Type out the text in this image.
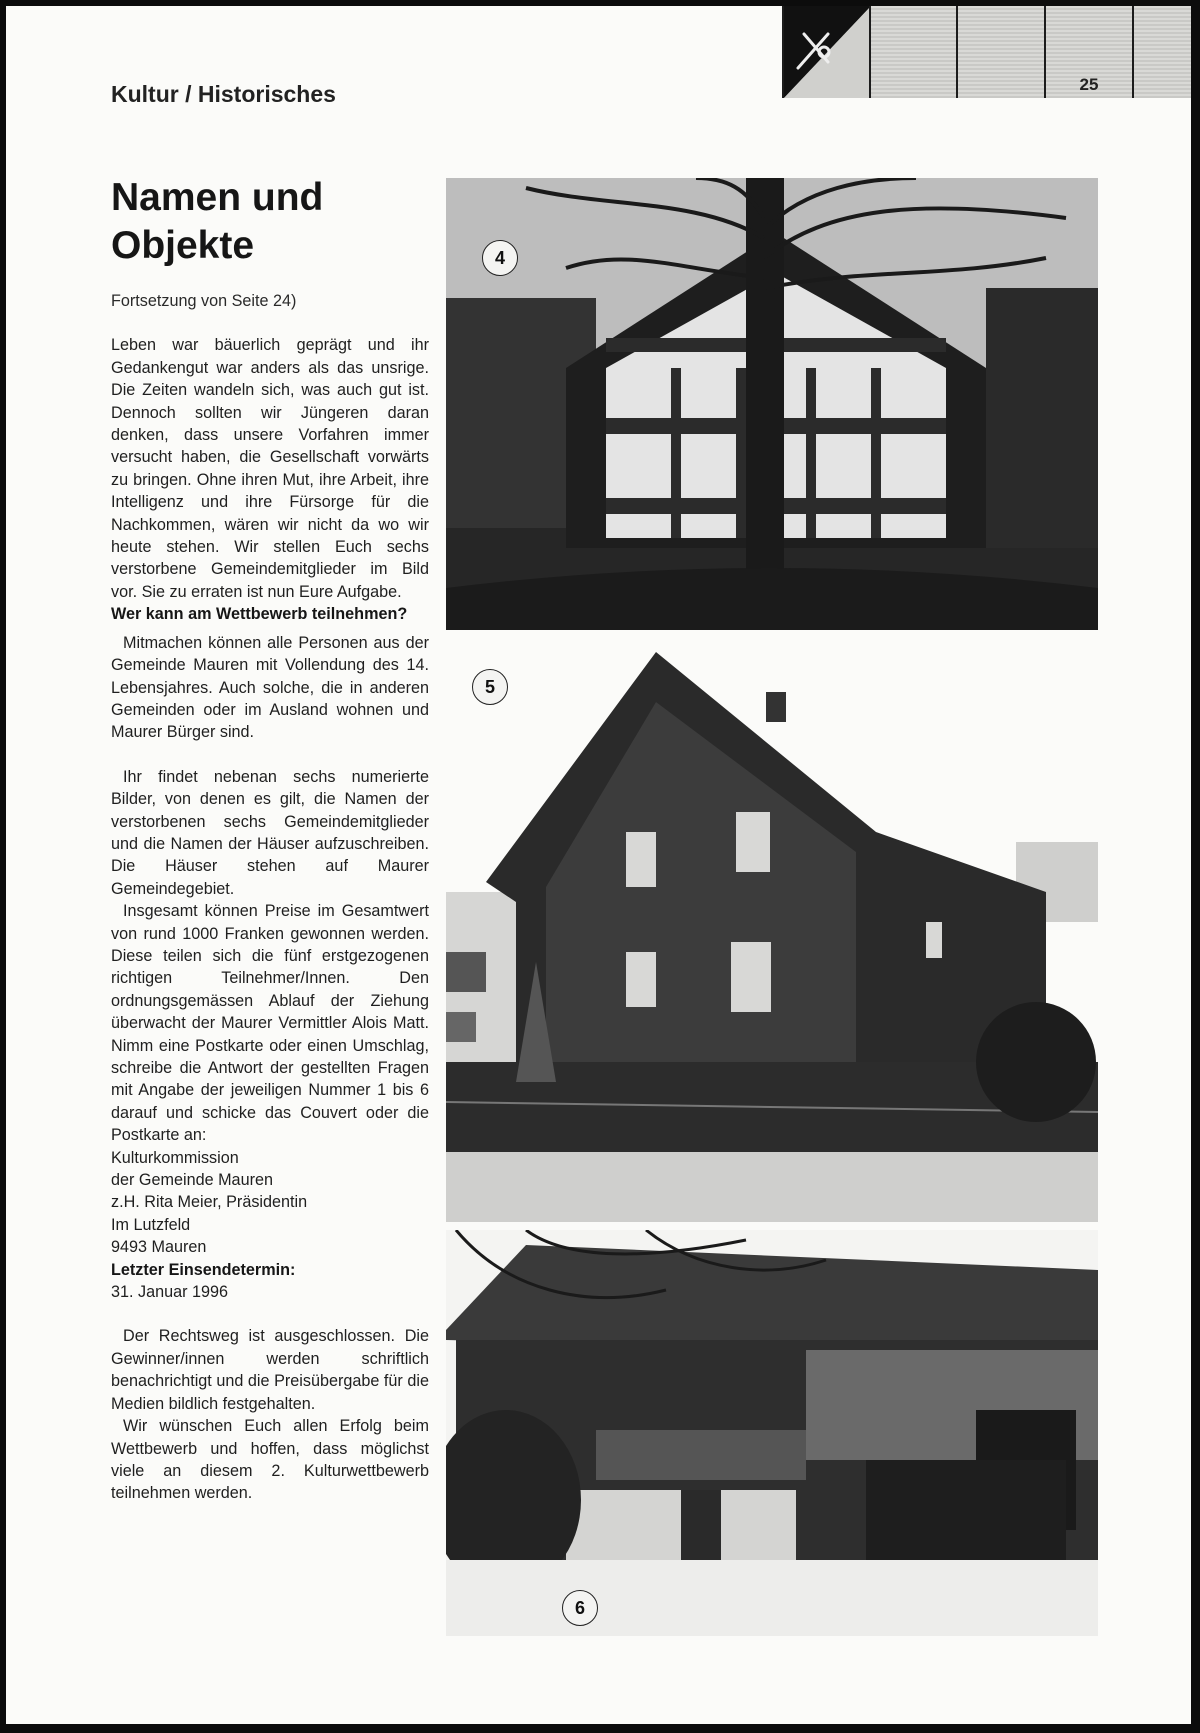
25
Kultur / Historisches
Namen und
Objekte

Fortsetzung von Seite 24)

Leben war bäuerlich geprägt und ihr Gedankengut war anders als das unsrige. Die Zeiten wandeln sich, was auch gut ist. Dennoch sollten wir Jüngeren daran denken, dass unsere Vorfahren immer versucht haben, die Gesellschaft vorwärts zu bringen. Ohne ihren Mut, ihre Arbeit, ihre Intelligenz und ihre Fürsorge für die Nachkommen, wären wir nicht da wo wir heute stehen. Wir stellen Euch sechs verstorbene Gemeindemitglieder im Bild vor. Sie zu erraten ist nun Eure Aufgabe.

Wer kann am Wettbewerb teilnehmen?

Mitmachen können alle Personen aus der Gemeinde Mauren mit Vollendung des 14. Lebensjahres. Auch solche, die in anderen Gemeinden oder im Ausland wohnen und Maurer Bürger sind.

Ihr findet nebenan sechs numerierte Bilder, von denen es gilt, die Namen der verstorbenen sechs Gemeindemitglieder und die Namen der Häuser aufzuschreiben. Die Häuser stehen auf Maurer Gemeindegebiet.

Insgesamt können Preise im Gesamtwert von rund 1000 Franken gewonnen werden. Diese teilen sich die fünf erstgezogenen richtigen Teilnehmer/Innen. Den ordnungsgemässen Ablauf der Ziehung überwacht der Maurer Vermittler Alois Matt. Nimm eine Postkarte oder einen Umschlag, schreibe die Antwort der gestellten Fragen mit Angabe der jeweiligen Nummer 1 bis 6 darauf und schicke das Couvert oder die Postkarte an:

Kulturkommission

der Gemeinde Mauren

z.H. Rita Meier, Präsidentin

Im Lutzfeld

9493 Mauren

Letzter Einsendetermin:

31. Januar 1996

Der Rechtsweg ist ausgeschlossen. Die Gewinner/innen werden schriftlich benachrichtigt und die Preisübergabe für die Medien bildlich festgehalten.

Wir wünschen Euch allen Erfolg beim Wettbewerb und hoffen, dass möglichst viele an diesem 2. Kulturwettbewerb teilnehmen werden.

4
5
6
